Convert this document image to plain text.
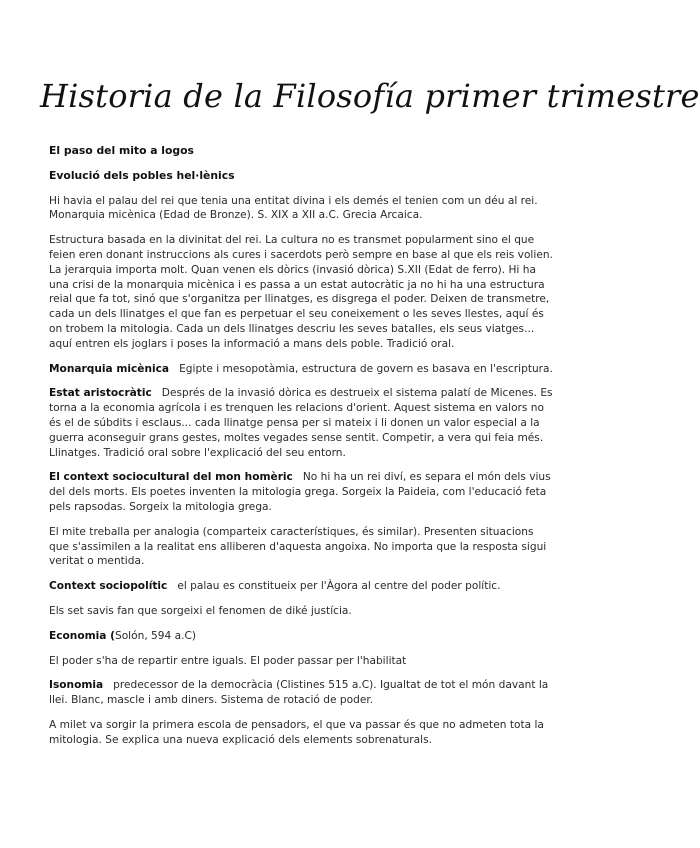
Historia de la Filosofía primer trimestre
El paso del mito a logos
Evolució dels pobles hel·lènics
Hi havia el palau del rei que tenia una entitat divina i els demés el tenien com un déu al rei. Monarquia micènica (Edad de Bronze). S. XIX a XII a.C. Grecia Arcaica.
Estructura basada en la divinitat del rei. La cultura no es transmet popularment sino el que feien eren donant instruccions als cures i sacerdots però sempre en base al que els reis volien. La jerarquia importa molt. Quan venen els dòrics (invasió dòrica) S.XII (Edat de ferro). Hi ha una crisi de la monarquia micènica i es passa a un estat autocràtic ja no hi ha una estructura reial que fa tot, sinó que s'organitza per llinatges, es disgrega el poder. Deixen de transmetre, cada un dels llinatges el que fan es perpetuar el seu coneixement o les seves llestes, aquí és on trobem la mitologia. Cada un dels llinatges descriu les seves batalles, els seus viatges... aquí entren els joglars i poses la informació a mans dels poble. Tradició oral.
Monarquia micènica Egipte i mesopotàmia, estructura de govern es basava en l'escriptura.
Estat aristocràtic Després de la invasió dòrica es destrueix el sistema palatí de Micenes. Es torna a la economia agrícola i es trenquen les relacions d'orient. Aquest sistema en valors no és el de súbdits i esclaus... cada llinatge pensa per si mateix i li donen un valor especial a la guerra aconseguir grans gestes, moltes vegades sense sentit. Competir, a vera qui feia més. Llinatges. Tradició oral sobre l'explicació del seu entorn.
El context sociocultural del mon homèric No hi ha un rei diví, es separa el món dels vius del dels morts. Els poetes inventen la mitologia grega. Sorgeix la Paideia, com l'educació feta pels rapsodas. Sorgeix la mitologia grega.
El mite treballa per analogia (comparteix característiques, és similar). Presenten situacions que s'assimilen a la realitat ens alliberen d'aquesta angoixa. No importa que la resposta sigui veritat o mentida.
Context sociopolític el palau es constitueix per l'Àgora al centre del poder polític.
Els set savis fan que sorgeixi el fenomen de diké justícia.
Economia (Solón, 594 a.C)
El poder s'ha de repartir entre iguals. El poder passar per l'habilitat
Isonomia predecessor de la democràcia (Clistines 515 a.C). Igualtat de tot el món davant la llei. Blanc, mascle i amb diners. Sistema de rotació de poder.
A milet va sorgir la primera escola de pensadors, el que va passar és que no admeten tota la mitologia. Se explica una nueva explicació dels elements sobrenaturals.
